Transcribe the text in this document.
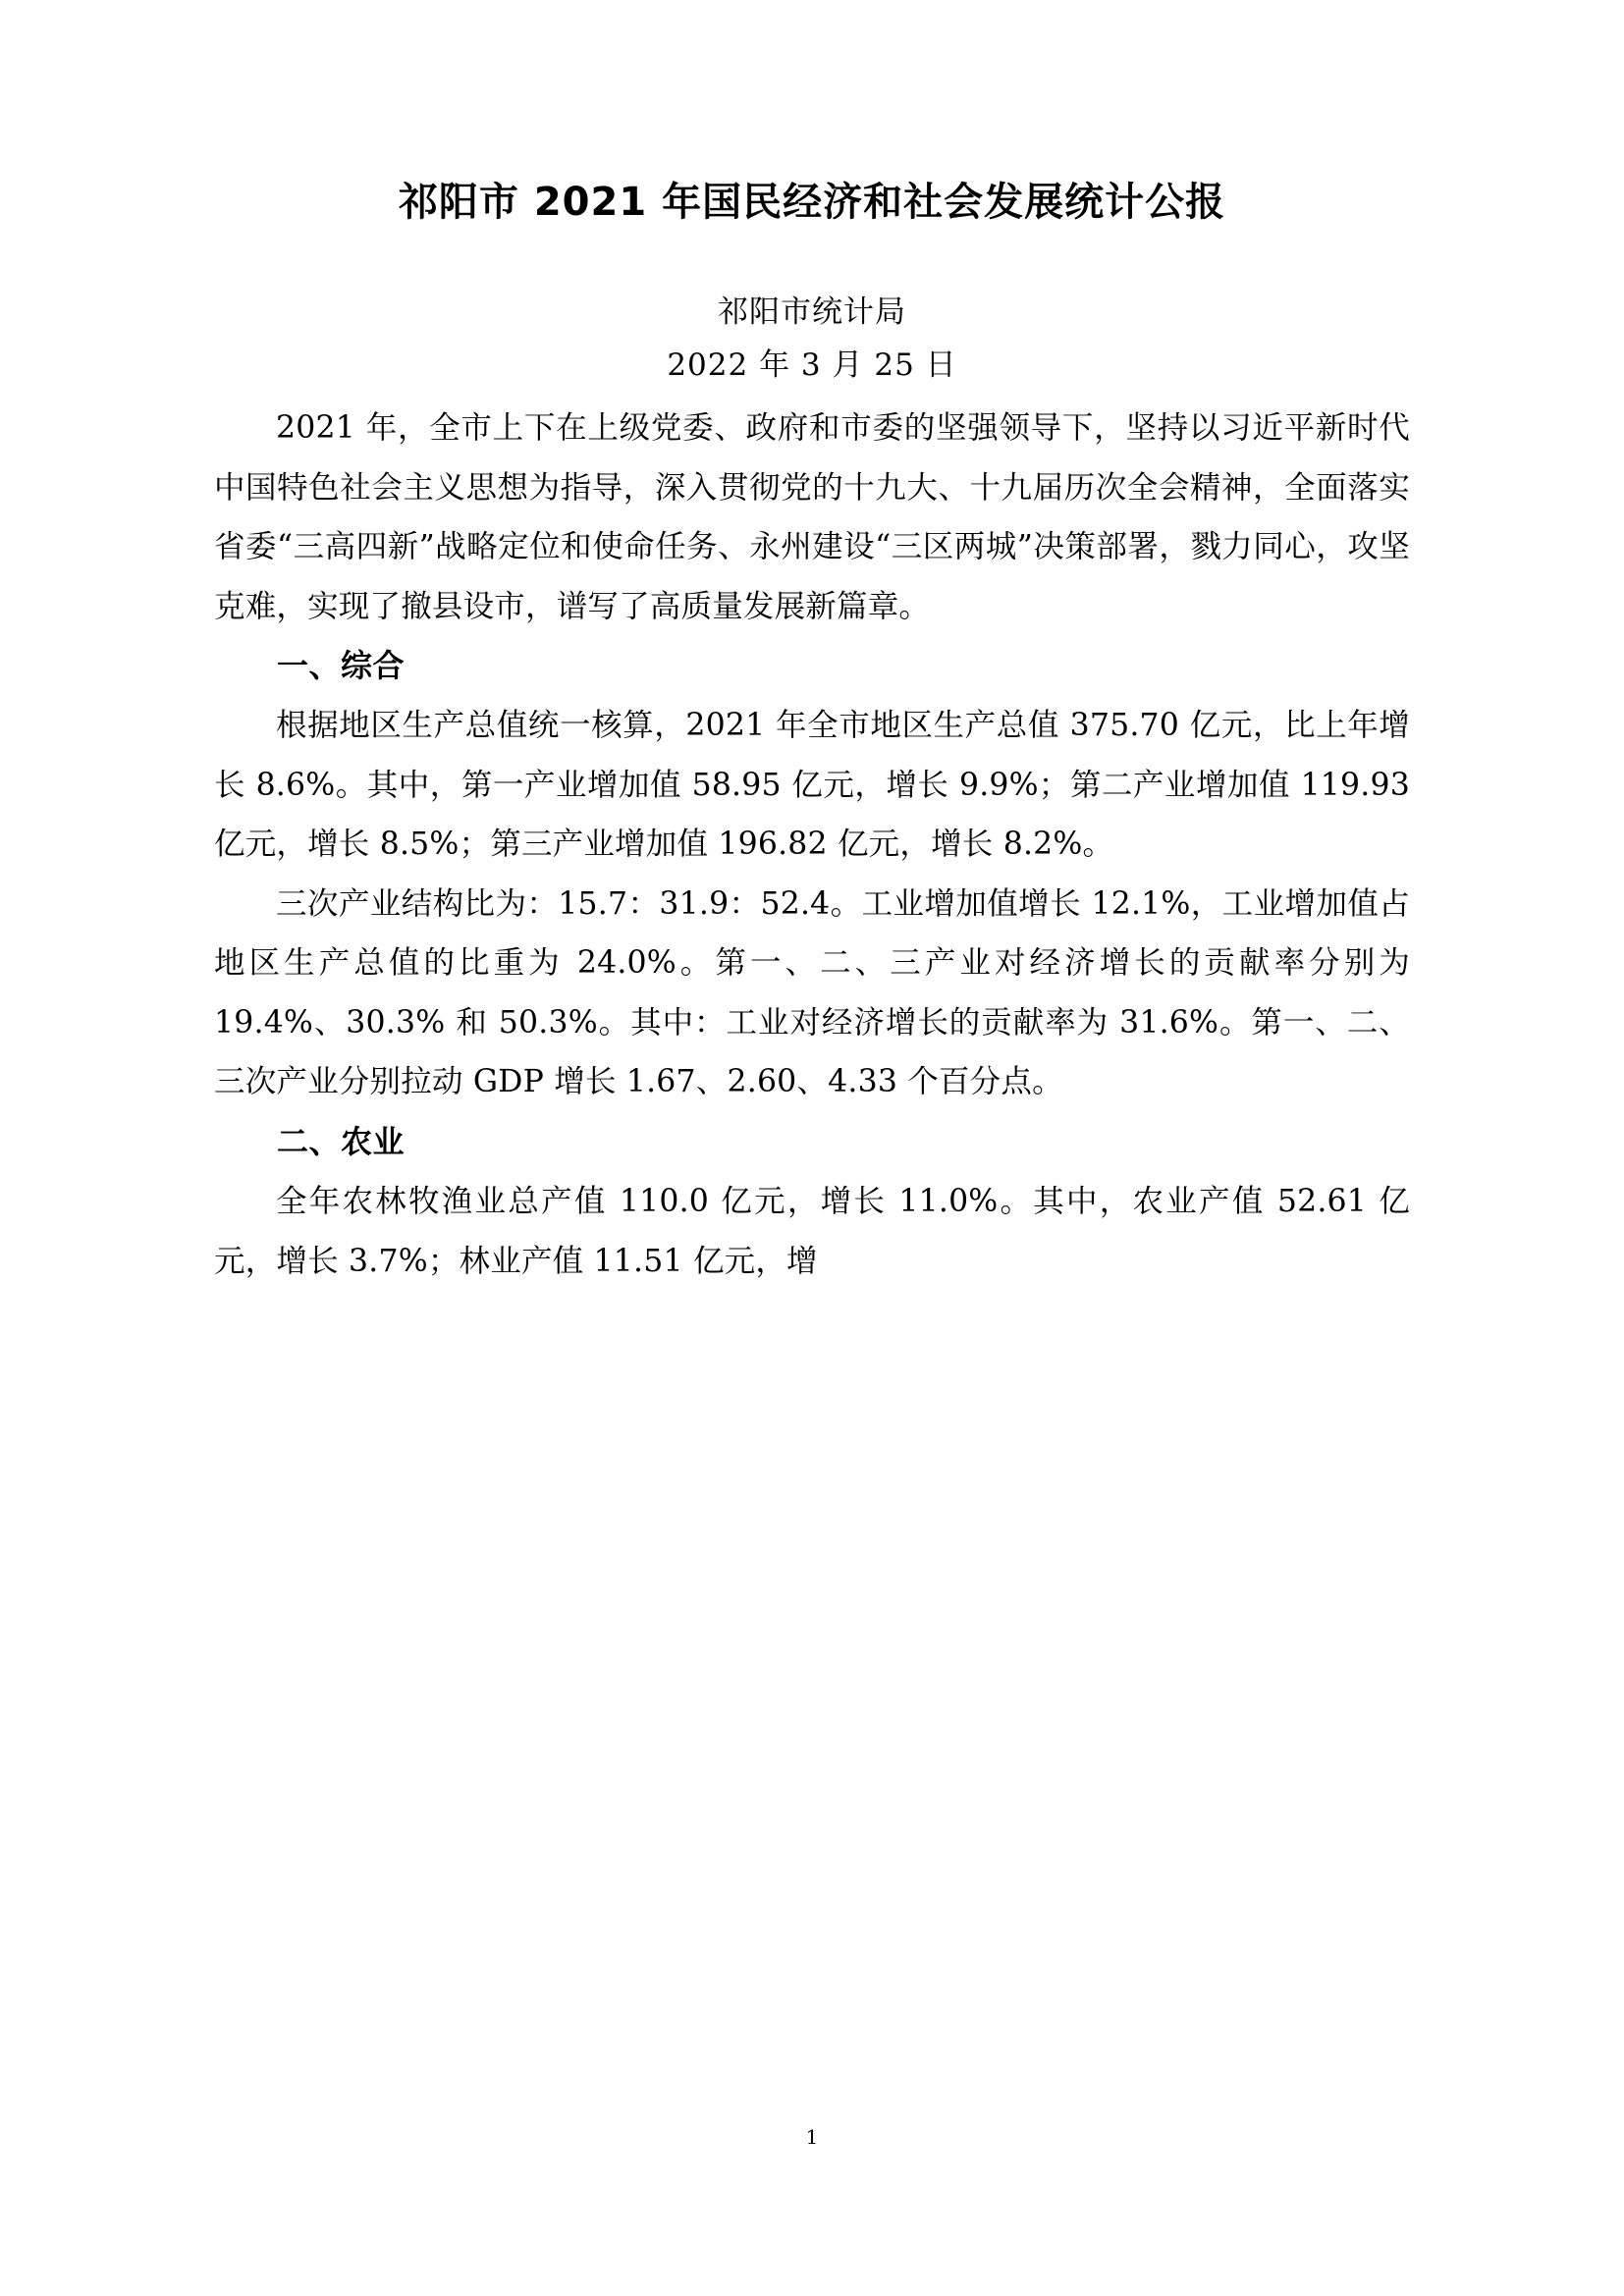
祁阳市 2021 年国民经济和社会发展统计公报
祁阳市统计局
2022 年 3 月 25 日

2021 年，全市上下在上级党委、政府和市委的坚强领导下，坚持以习近平新时代中国特色社会主义思想为指导，深入贯彻党的十九大、十九届历次全会精神，全面落实省委“三高四新”战略定位和使命任务、永州建设“三区两城”决策部署，戮力同心，攻坚克难，实现了撤县设市，谱写了高质量发展新篇章。

一、综合

根据地区生产总值统一核算，2021 年全市地区生产总值 375.70 亿元，比上年增长 8.6%。其中，第一产业增加值 58.95 亿元，增长 9.9%；第二产业增加值 119.93 亿元，增长 8.5%；第三产业增加值 196.82 亿元，增长 8.2%。

三次产业结构比为：15.7：31.9：52.4。工业增加值增长 12.1%，工业增加值占地区生产总值的比重为 24.0%。第一、二、三产业对经济增长的贡献率分别为 19.4%、30.3% 和 50.3%。其中：工业对经济增长的贡献率为 31.6%。第一、二、三次产业分别拉动 GDP 增长 1.67、2.60、4.33 个百分点。

二、农业

全年农林牧渔业总产值 110.0 亿元，增长 11.0%。其中，农业产值 52.61 亿元，增长 3.7%；林业产值 11.51 亿元，增

1
